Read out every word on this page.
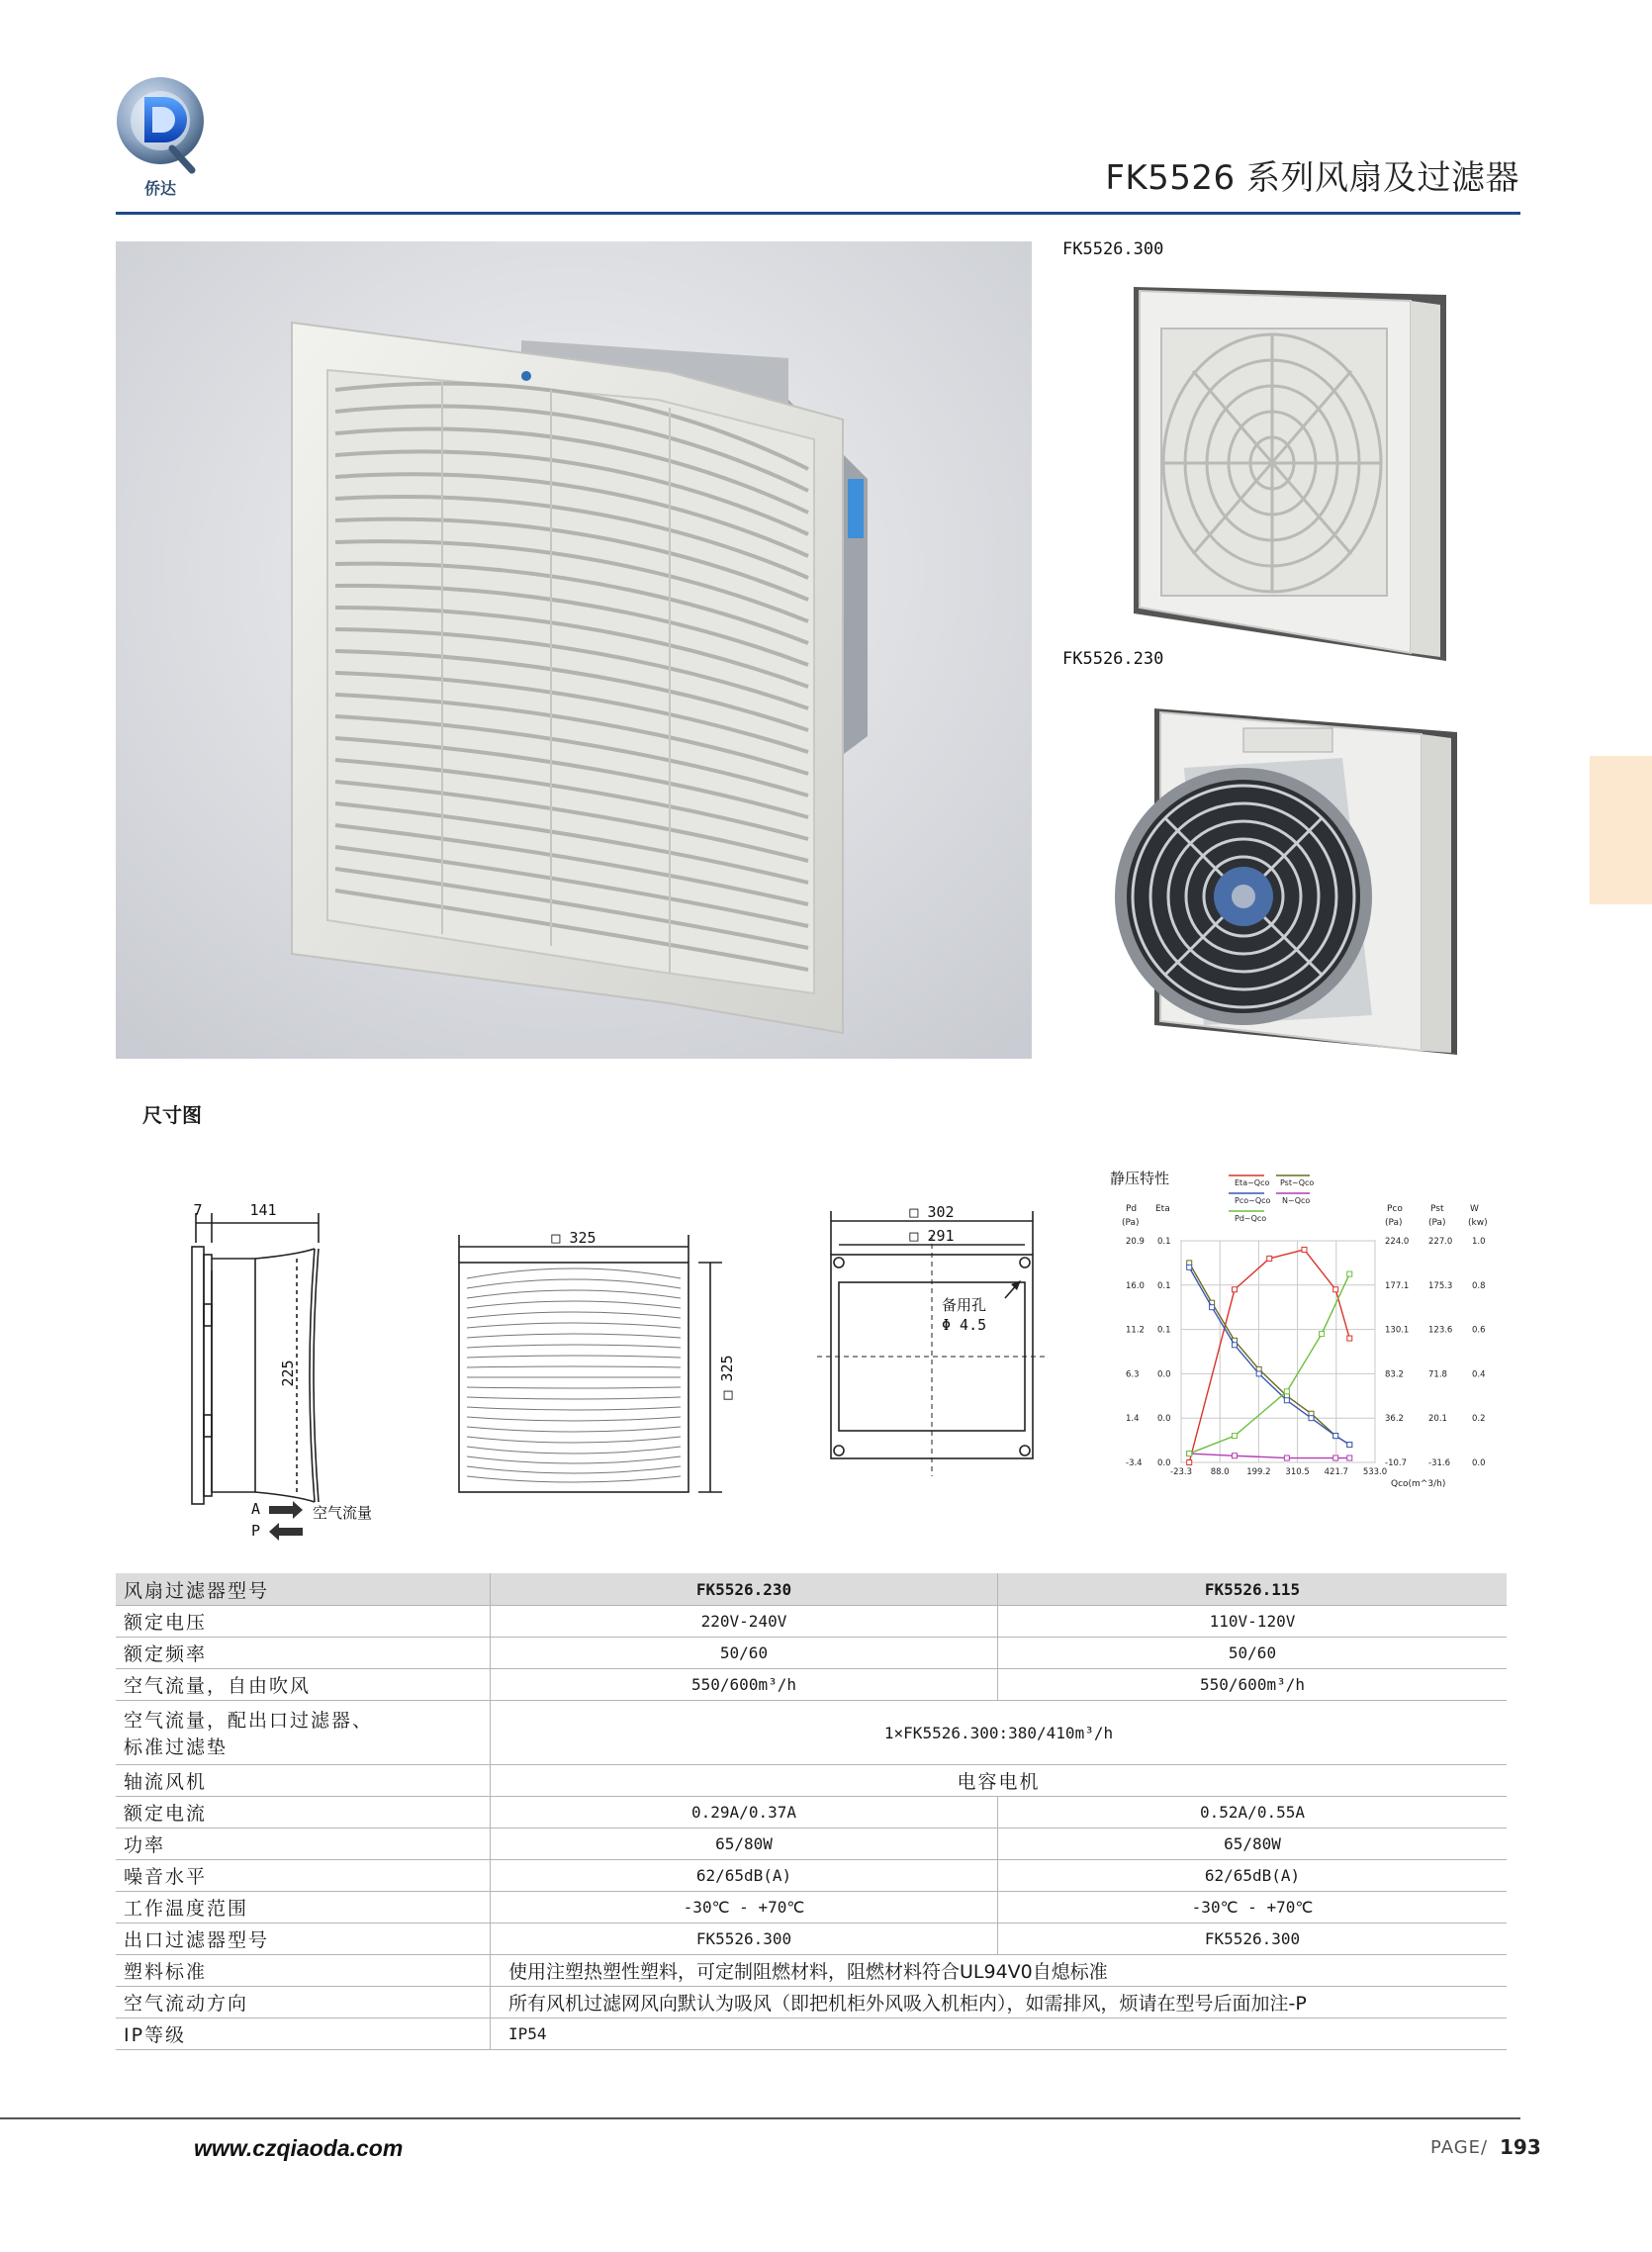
侨达	FK5526 系列风扇及过滤器
FK5526.300
FK5526.230
尺寸图
7	141
225
A
P
空气流量
□ 325
□ 325
□ 302
□ 291
备用孔
Φ 4.5
静压特性	Eta~Qco Pst~Qco
Pco~Qco N~Qco
Pd~Qco
Pd
(Pa)
Eta	Pco
(Pa)
Pst
(Pa)
W
(kw)
Qco(m^3/h)
-23.3 88.0 199.2 310.5 421.7 533.0
20.9 0.1	224.0 227.0 1.0
16.0 0.1	177.1 175.3 0.8
11.2 0.1	130.1 123.6 0.6
6.3 0.0	83.2	71.8	0.4
1.4 0.0	36.2	20.1	0.2
-3.4 0.0	-10.7	-31.6	0.0
风扇过滤器型号	FK5526.230	FK5526.115
额定电压	220V-240V	110V-120V
额定频率	50/60	50/60
空气流量，自由吹风	550/600m³/h	550/600m³/h

空气流量，配出口过滤器、
标准过滤垫	1×FK5526.300:380/410m³/h	
轴流风机	电容电机	
额定电流	0.29A/0.37A	0.52A/0.55A
功率	65/80W	65/80W
噪音水平	62/65dB(A)	62/65dB(A)
工作温度范围	-30℃ - +70℃	-30℃ - +70℃
出口过滤器型号	FK5526.300	FK5526.300
塑料标准	使用注塑热塑性塑料，可定制阻燃材料，阻燃材料符合UL94V0自熄标准	
空气流动方向	所有风机过滤网风向默认为吸风（即把机柜外风吸入机柜内），如需排风，烦请在型号后面加注-P	
IP等级	IP54	
www.czqiaoda.com	PAGE/ 193
